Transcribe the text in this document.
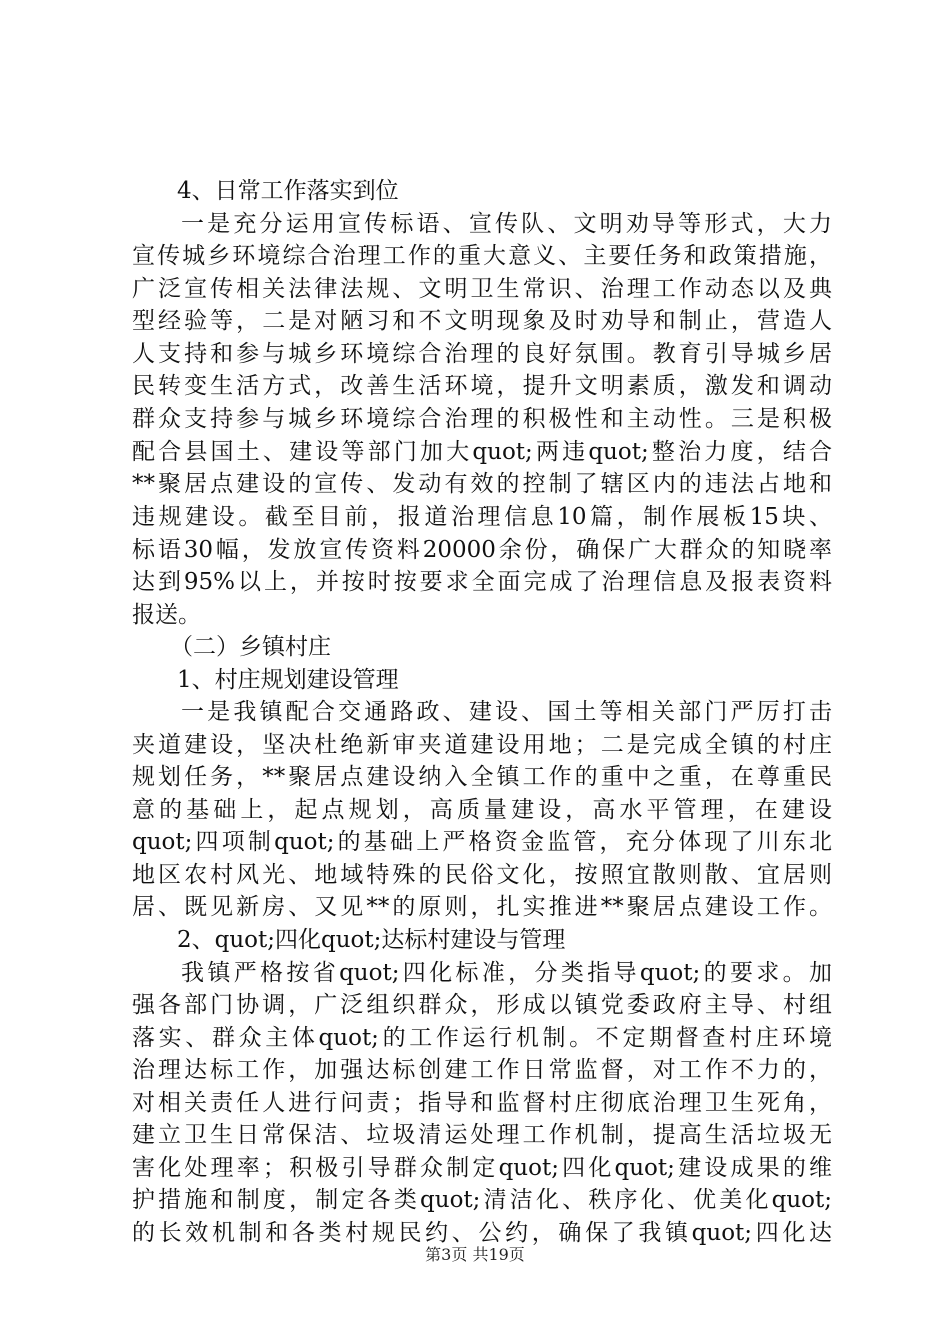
4、日常工作落实到位
一是充分运用宣传标语、宣传队、文明劝导等形式，大力
宣传城乡环境综合治理工作的重大意义、主要任务和政策措施，
广泛宣传相关法律法规、文明卫生常识、治理工作动态以及典
型经验等，二是对陋习和不文明现象及时劝导和制止，营造人
人支持和参与城乡环境综合治理的良好氛围。教育引导城乡居
民转变生活方式，改善生活环境，提升文明素质，激发和调动
群众支持参与城乡环境综合治理的积极性和主动性。三是积极
配合县国土、建设等部门加大quot;两违quot;整治力度，结合
**聚居点建设的宣传、发动有效的控制了辖区内的违法占地和
违规建设。截至目前，报道治理信息10篇，制作展板15块、
标语30幅，发放宣传资料20000余份，确保广大群众的知晓率
达到95%以上，并按时按要求全面完成了治理信息及报表资料
报送。
（二）乡镇村庄
1、村庄规划建设管理
一是我镇配合交通路政、建设、国土等相关部门严厉打击
夹道建设，坚决杜绝新审夹道建设用地；二是完成全镇的村庄
规划任务，**聚居点建设纳入全镇工作的重中之重，在尊重民
意的基础上，起点规划，高质量建设，高水平管理，在建设
quot;四项制quot;的基础上严格资金监管，充分体现了川东北
地区农村风光、地域特殊的民俗文化，按照宜散则散、宜居则
居、既见新房、又见**的原则，扎实推进**聚居点建设工作。
2、quot;四化quot;达标村建设与管理
我镇严格按省quot;四化标准，分类指导quot;的要求。加
强各部门协调，广泛组织群众，形成以镇党委政府主导、村组
落实、群众主体quot;的工作运行机制。不定期督查村庄环境
治理达标工作，加强达标创建工作日常监督，对工作不力的，
对相关责任人进行问责；指导和监督村庄彻底治理卫生死角，
建立卫生日常保洁、垃圾清运处理工作机制，提高生活垃圾无
害化处理率；积极引导群众制定quot;四化quot;建设成果的维
护措施和制度，制定各类quot;清洁化、秩序化、优美化quot;
的长效机制和各类村规民约、公约，确保了我镇quot;四化达
第3页 共19页
